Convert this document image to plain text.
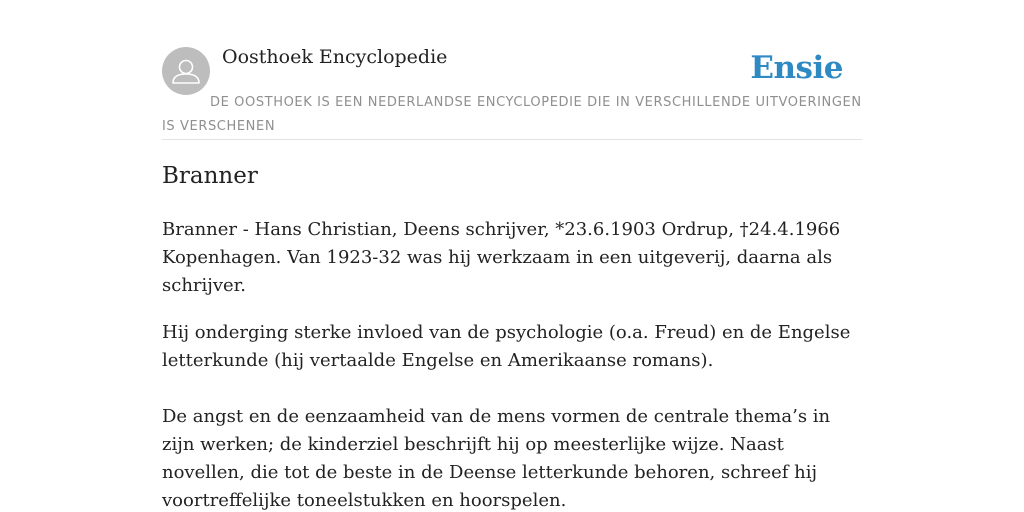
Oosthoek Encyclopedie	Ensie
DE OOSTHOEK IS EEN NEDERLANDSE ENCYCLOPEDIE DIE IN VERSCHILLENDE UITVOERINGEN IS VERSCHENEN
Branner

Branner - Hans Christian, Deens schrijver, *23.6.1903 Ordrup, †24.4.1966 Kopenhagen. Van 1923-32 was hij werkzaam in een uitgeverij, daarna als schrijver.

Hij onderging sterke invloed van de psychologie (o.a. Freud) en de Engelse letterkunde (hij vertaalde Engelse en Amerikaanse romans).

De angst en de eenzaamheid van de mens vormen de centrale thema’s in zijn werken; de kinderziel beschrijft hij op meesterlijke wijze. Naast novellen, die tot de beste in de Deense letterkunde behoren, schreef hij voortreffelijke toneelstukken en hoorspelen.
